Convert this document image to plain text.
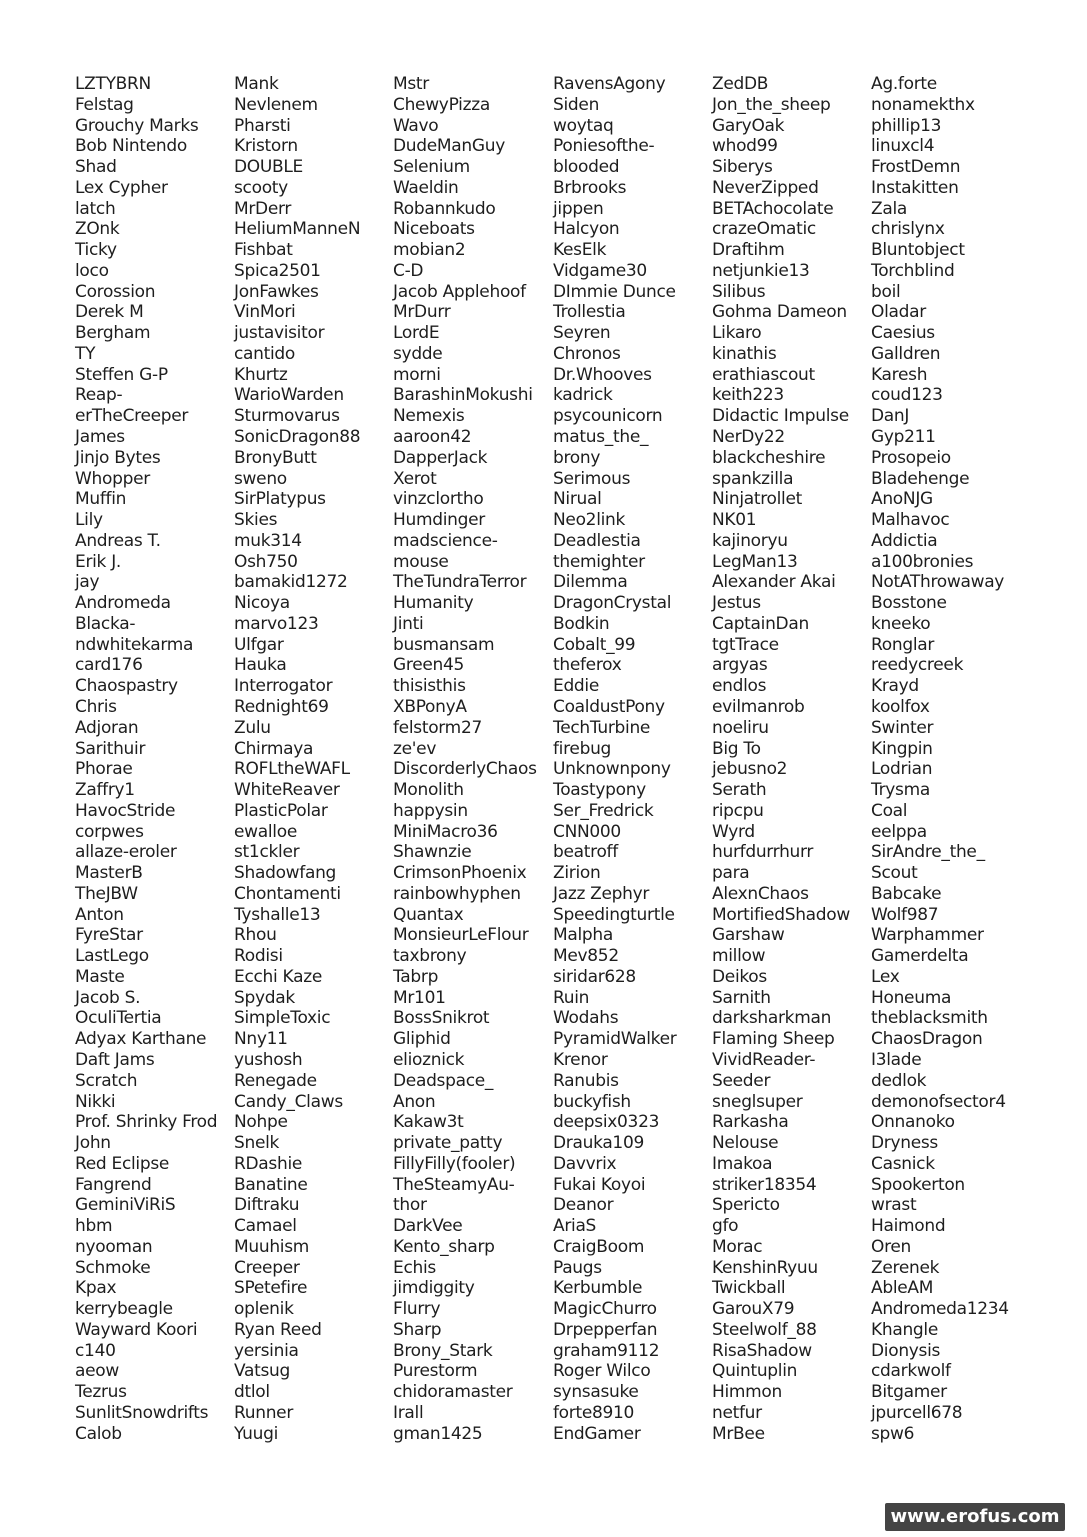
LZTYBRN
Felstag
Grouchy Marks
Bob Nintendo
Shad
Lex Cypher
latch
ZOnk
Ticky
loco
Corossion
Derek M
Bergham
TY
Steffen G-P
Reap-
erTheCreeper
James
Jinjo Bytes
Whopper
Muffin
Lily
Andreas T.
Erik J.
jay
Andromeda
Blacka-
ndwhitekarma
card176
Chaospastry
Chris
Adjoran
Sarithuir
Phorae
Zaffry1
HavocStride
corpwes
allaze-eroler
MasterB
TheJBW
Anton
FyreStar
LastLego
Maste
Jacob S.
OculiTertia
Adyax Karthane
Daft Jams
Scratch
Nikki
Prof. Shrinky Frod
John
Red Eclipse
Fangrend
GeminiViRiS
hbm
nyooman
Schmoke
Kpax
kerrybeagle
Wayward Koori
c140
aeow
Tezrus
SunlitSnowdrifts
Calob
Mank
Nevlenem
Pharsti
Kristorn
DOUBLE
scooty
MrDerr
HeliumManneN
Fishbat
Spica2501
JonFawkes
VinMori
justavisitor
cantido
Khurtz
WarioWarden
Sturmovarus
SonicDragon88
BronyButt
sweno
SirPlatypus
Skies
muk314
Osh750
bamakid1272
Nicoya
marvo123
Ulfgar
Hauka
Interrogator
Rednight69
Zulu
Chirmaya
ROFLtheWAFL
WhiteReaver
PlasticPolar
ewalloe
st1ckler
Shadowfang
Chontamenti
Tyshalle13
Rhou
Rodisi
Ecchi Kaze
Spydak
SimpleToxic
Nny11
yushosh
Renegade
Candy_Claws
Nohpe
Snelk
RDashie
Banatine
Diftraku
Camael
Muuhism
Creeper
SPetefire
oplenik
Ryan Reed
yersinia
Vatsug
dtlol
Runner
Yuugi
Mstr
ChewyPizza
Wavo
DudeManGuy
Selenium
Waeldin
Robannkudo
Niceboats
mobian2
C-D
Jacob Applehoof
MrDurr
LordE
sydde
morni
BarashinMokushi
Nemexis
aaroon42
DapperJack
Xerot
vinzclortho
Humdinger
madscience-
mouse
TheTundraTerror
Humanity
Jinti
busmansam
Green45
thisisthis
XBPonyA
felstorm27
ze'ev
DiscorderlyChaos
Monolith
happysin
MiniMacro36
Shawnzie
CrimsonPhoenix
rainbowhyphen
Quantax
MonsieurLeFlour
taxbrony
Tabrp
Mr101
BossSnikrot
Gliphid
elioznick
Deadspace_
Anon
Kakaw3t
private_patty
FillyFilly(fooler)
TheSteamyAu-
thor
DarkVee
Kento_sharp
Echis
jimdiggity
Flurry
Sharp
Brony_Stark
Purestorm
chidoramaster
Irall
gman1425
RavensAgony
Siden
woytaq
Poniesofthe-
blooded
Brbrooks
jippen
Halcyon
KesElk
Vidgame30
DImmie Dunce
Trollestia
Seyren
Chronos
Dr.Whooves
kadrick
psycounicorn
matus_the_
brony
Serimous
Nirual
Neo2link
Deadlestia
themighter
Dilemma
DragonCrystal
Bodkin
Cobalt_99
theferox
Eddie
CoaldustPony
TechTurbine
firebug
Unknownpony
Toastypony
Ser_Fredrick
CNN000
beatroff
Zirion
Jazz Zephyr
Speedingturtle
Malpha
Mev852
siridar628
Ruin
Wodahs
PyramidWalker
Krenor
Ranubis
buckyfish
deepsix0323
Drauka109
Davvrix
Fukai Koyoi
Deanor
AriaS
CraigBoom
Paugs
Kerbumble
MagicChurro
Drpepperfan
graham9112
Roger Wilco
synsasuke
forte8910
EndGamer
ZedDB
Jon_the_sheep
GaryOak
whod99
Siberys
NeverZipped
BETAchocolate
crazeOmatic
Draftihm
netjunkie13
Silibus
Gohma Dameon
Likaro
kinathis
erathiascout
keith223
Didactic Impulse
NerDy22
blackcheshire
spankzilla
Ninjatrollet
NK01
kajinoryu
LegMan13
Alexander Akai
Jestus
CaptainDan
tgtTrace
argyas
endlos
evilmanrob
noeliru
Big To
jebusno2
Serath
ripcpu
Wyrd
hurfdurrhurr
para
AlexnChaos
MortifiedShadow
Garshaw
millow
Deikos
Sarnith
darksharkman
Flaming Sheep
VividReader-
Seeder
sneglsuper
Rarkasha
Nelouse
Imakoa
striker18354
Spericto
gfo
Morac
KenshinRyuu
Twickball
GarouX79
Steelwolf_88
RisaShadow
Quintuplin
Himmon
netfur
MrBee
Ag.forte
nonamekthx
phillip13
linuxcl4
FrostDemn
Instakitten
Zala
chrislynx
Bluntobject
Torchblind
boil
Oladar
Caesius
Galldren
Karesh
coud123
DanJ
Gyp211
Prosopeio
Bladehenge
AnoNJG
Malhavoc
Addictia
a100bronies
NotAThrowaway
Bosstone
kneeko
Ronglar
reedycreek
Krayd
koolfox
Swinter
Kingpin
Lodrian
Trysma
Coal
eelppa
SirAndre_the_
Scout
Babcake
Wolf987
Warphammer
Gamerdelta
Lex
Honeuma
theblacksmith
ChaosDragon
I3lade
dedlok
demonofsector4
Onnanoko
Dryness
Casnick
Spookerton
wrast
Haimond
Oren
Zerenek
AbleAM
Andromeda1234
Khangle
Dionysis
cdarkwolf
Bitgamer
jpurcell678
spw6
www.erofus.com
